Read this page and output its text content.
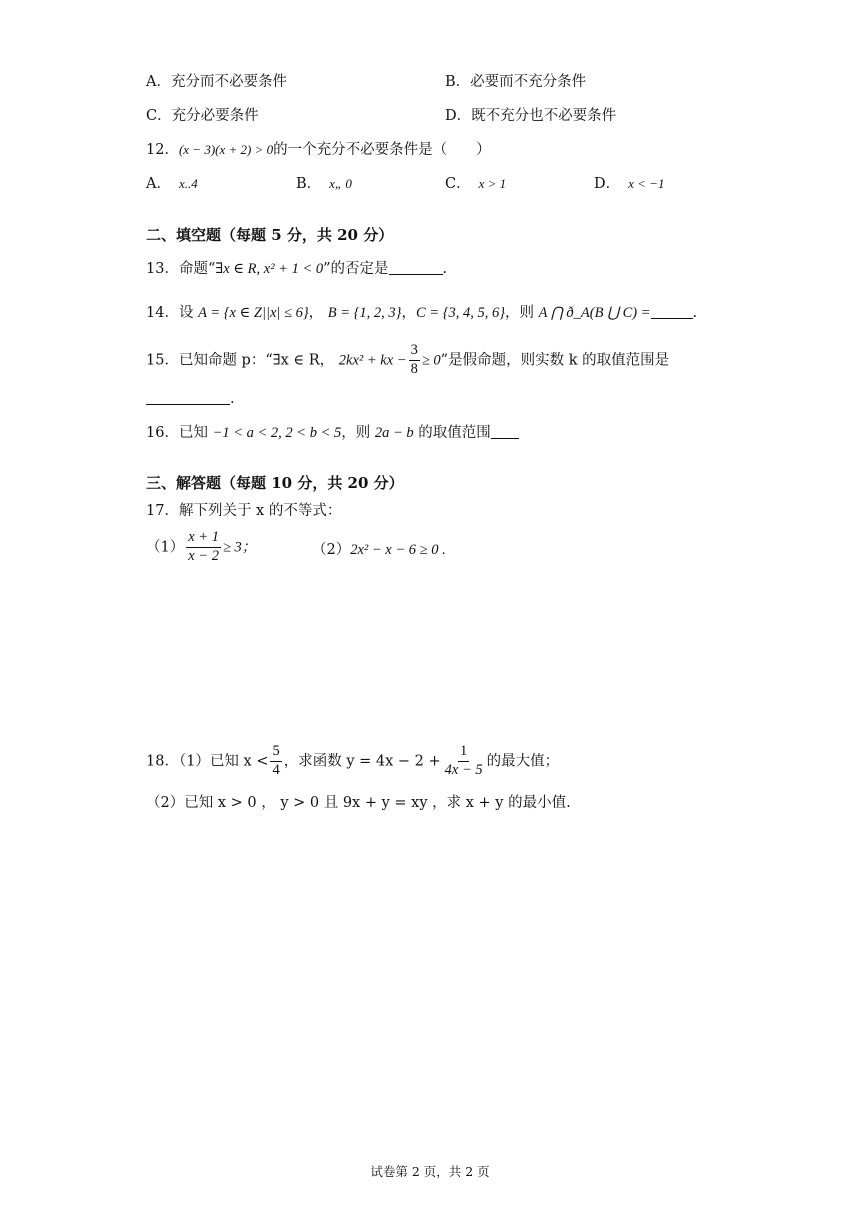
A．充分而不必要条件	B．必要而不充分条件
C．充分必要条件	D．既不充分也不必要条件
12．(x − 3)(x + 2) > 0的一个充分不必要条件是（　　）
A． x..4	B． x„ 0	C． x > 1	D． x < −1
二、填空题（每题 5 分，共 20 分）
13．命题“∃x ∈ R, x² + 1 < 0”的否定是	.
14．设 A = {x ∈ Z||x| ≤ 6}， B = {1, 2, 3}，C = {3, 4, 5, 6}，则 A ⋂ ð_A(B ⋃ C) =	.
15．已知命题 p：“∃x ∈ R， 2kx² + kx − $\frac{3}{8} \ge 0$”是假命题，则实数 k 的取值范围是
.
16．已知 −1 < a < 2, 2 < b < 5，则 2a − b 的取值范围
三、解答题（每题 10 分，共 20 分）
17．解下列关于 x 的不等式：
$(1) \frac{x + 1}{x - 2} \ge 3$；	（2）2x² − x − 6 ≥ 0 .
18．（1）已知 $x < \frac{5}{4}$ ，求函数 $y = 4x - 2 + \frac{1}{4x - 5}$ 的最大值；
（2）已知 x > 0 ， y > 0 且 9x + y = xy ，求 x + y 的最小值.
试卷第 2 页，共 2 页
